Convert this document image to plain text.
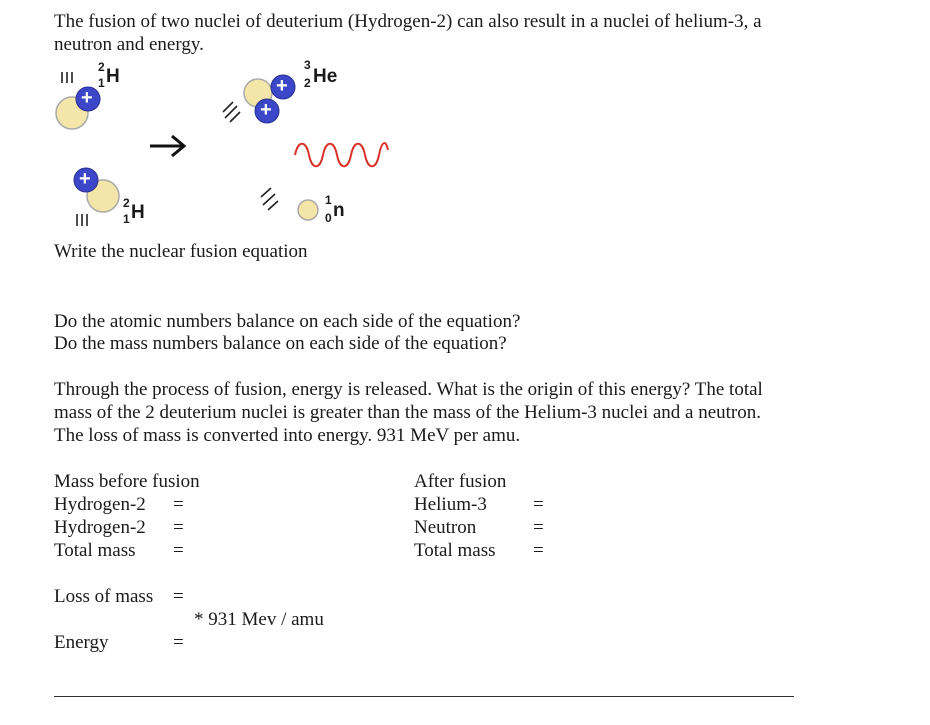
The fusion of two nuclei of deuterium (Hydrogen-2) can also result in a nuclei of helium-3, a
neutron and energy.
+
+
+
+
2
1 H
2
1 H
3
2 He
1
0 n
Write the nuclear fusion equation
Do the atomic numbers balance on each side of the equation?
Do the mass numbers balance on each side of the equation?
Through the process of fusion, energy is released. What is the origin of this energy? The total
mass of the 2 deuterium nuclei is greater than the mass of the Helium-3 nuclei and a neutron.
The loss of mass is converted into energy. 931 MeV per amu.
Mass before fusion
Hydrogen-2
Hydrogen-2
Total mass
=
=
=
After fusion
Helium-3
Neutron
Total mass
=
=
=
Loss of mass =
* 931 Mev / amu
Energy	=
